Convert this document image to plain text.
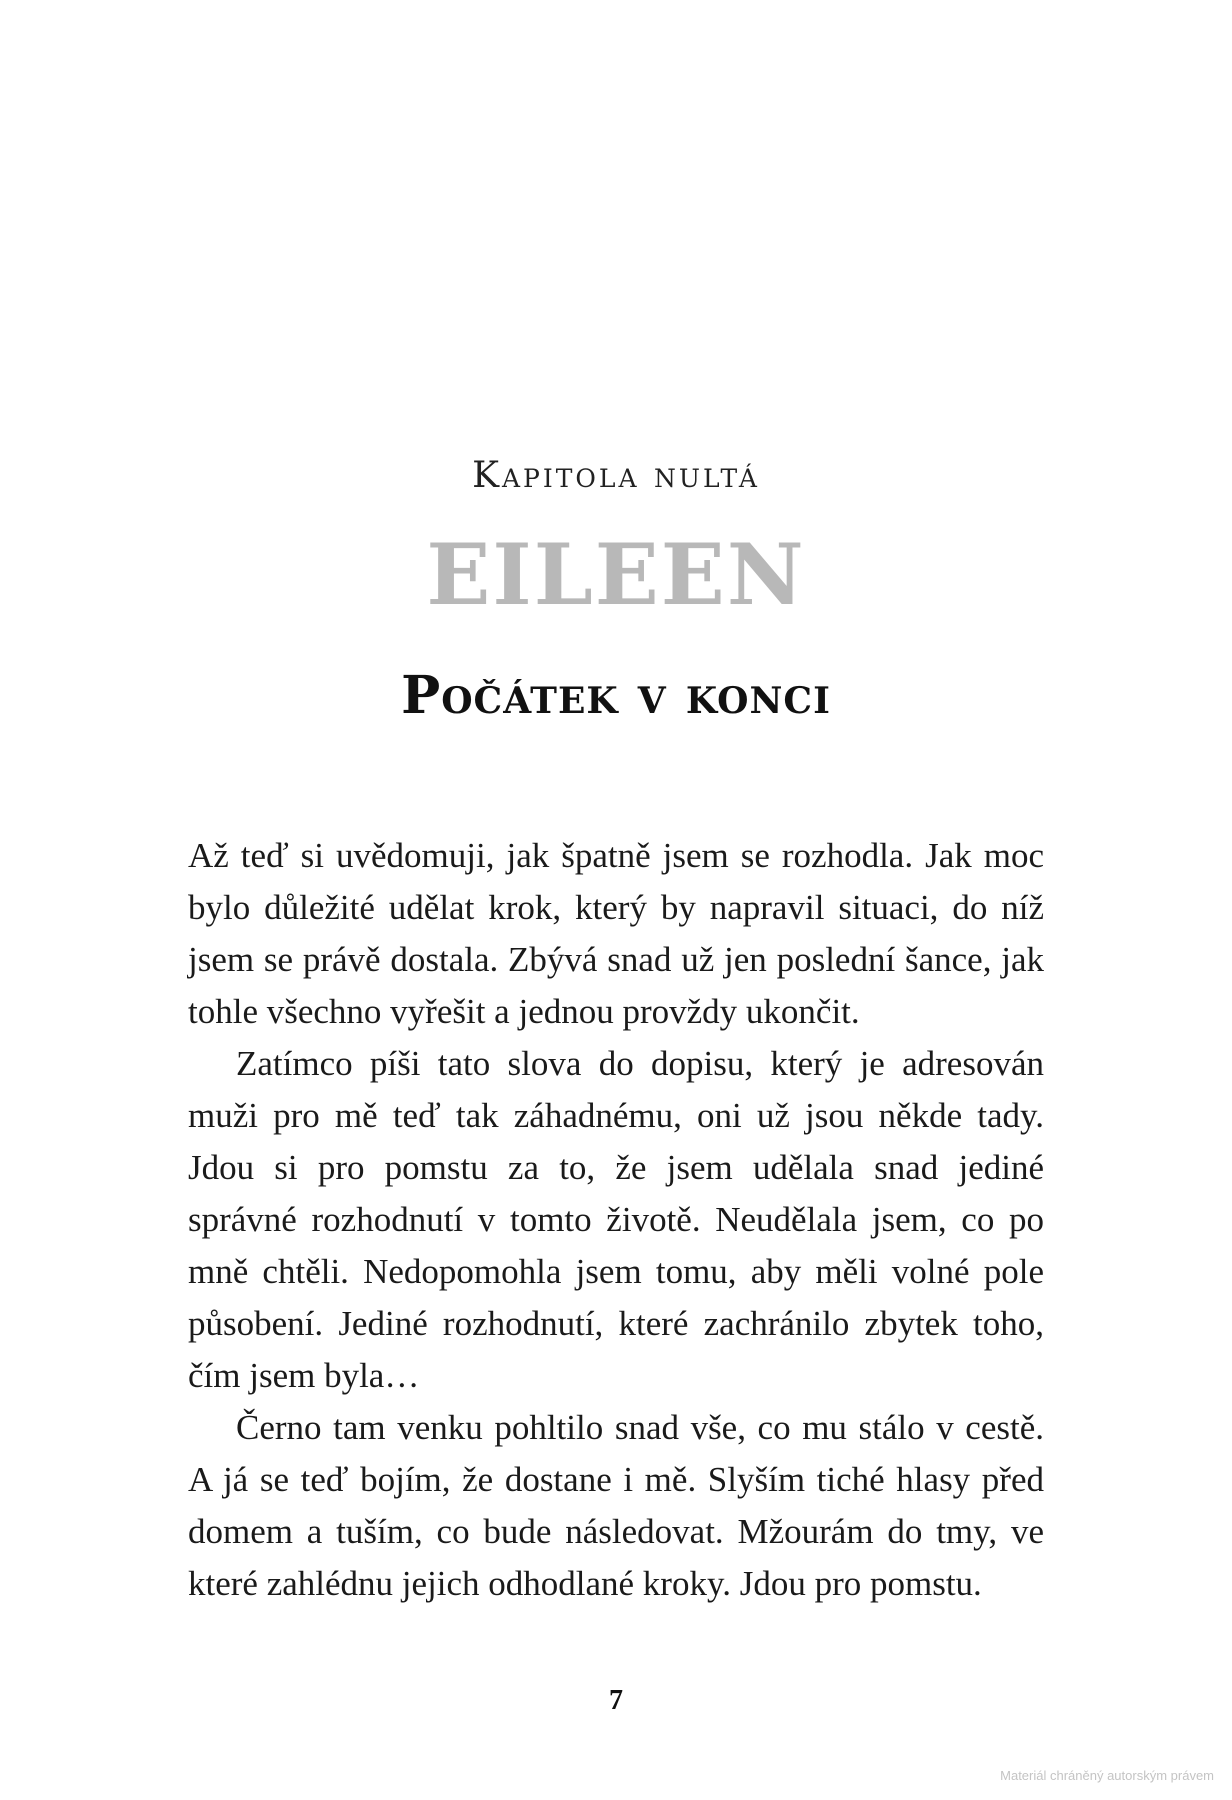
Kapitola nultá
EILEEN
Počátek v konci

Až teď si uvědomuji, jak špatně jsem se rozhodla. Jak moc bylo důležité udělat krok, který by napravil situaci, do níž jsem se právě dostala. Zbývá snad už jen poslední šance, jak tohle všechno vyřešit a jednou provždy ukončit.

Zatímco píši tato slova do dopisu, který je adresován muži pro mě teď tak záhadnému, oni už jsou někde tady. Jdou si pro pomstu za to, že jsem udělala snad jediné správné rozhodnutí v tomto životě. Neudělala jsem, co po mně chtěli. Nedopomohla jsem tomu, aby měli volné pole působení. Jediné rozhodnutí, které zachránilo zbytek toho, čím jsem byla…

Černo tam venku pohltilo snad vše, co mu stálo v cestě. A já se teď bojím, že dostane i mě. Slyším tiché hlasy před domem a tuším, co bude následovat. Mžourám do tmy, ve které zahlédnu jejich odhodlané kroky. Jdou pro pomstu.

7
Materiál chráněný autorským právem
